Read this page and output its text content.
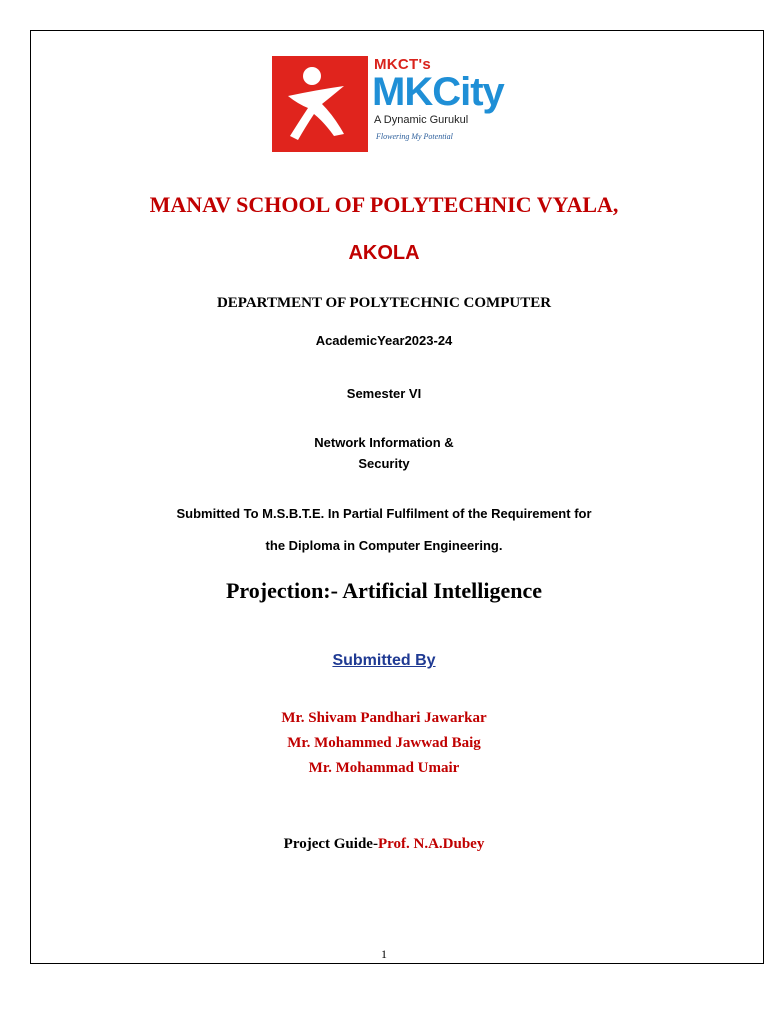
MKCT's
MKCity
A Dynamic Gurukul
Flowering My Potential
MANAV SCHOOL OF POLYTECHNIC VYALA,
AKOLA
DEPARTMENT OF POLYTECHNIC COMPUTER
AcademicYear2023-24
Semester VI
Network Information &
Security
Submitted To M.S.B.T.E. In Partial Fulfilment of the Requirement for
the Diploma in Computer Engineering.
Projection:- Artificial Intelligence
Submitted By
Mr. Shivam Pandhari Jawarkar
Mr. Mohammed Jawwad Baig
Mr. Mohammad Umair
Project Guide-Prof. N.A.Dubey
1
